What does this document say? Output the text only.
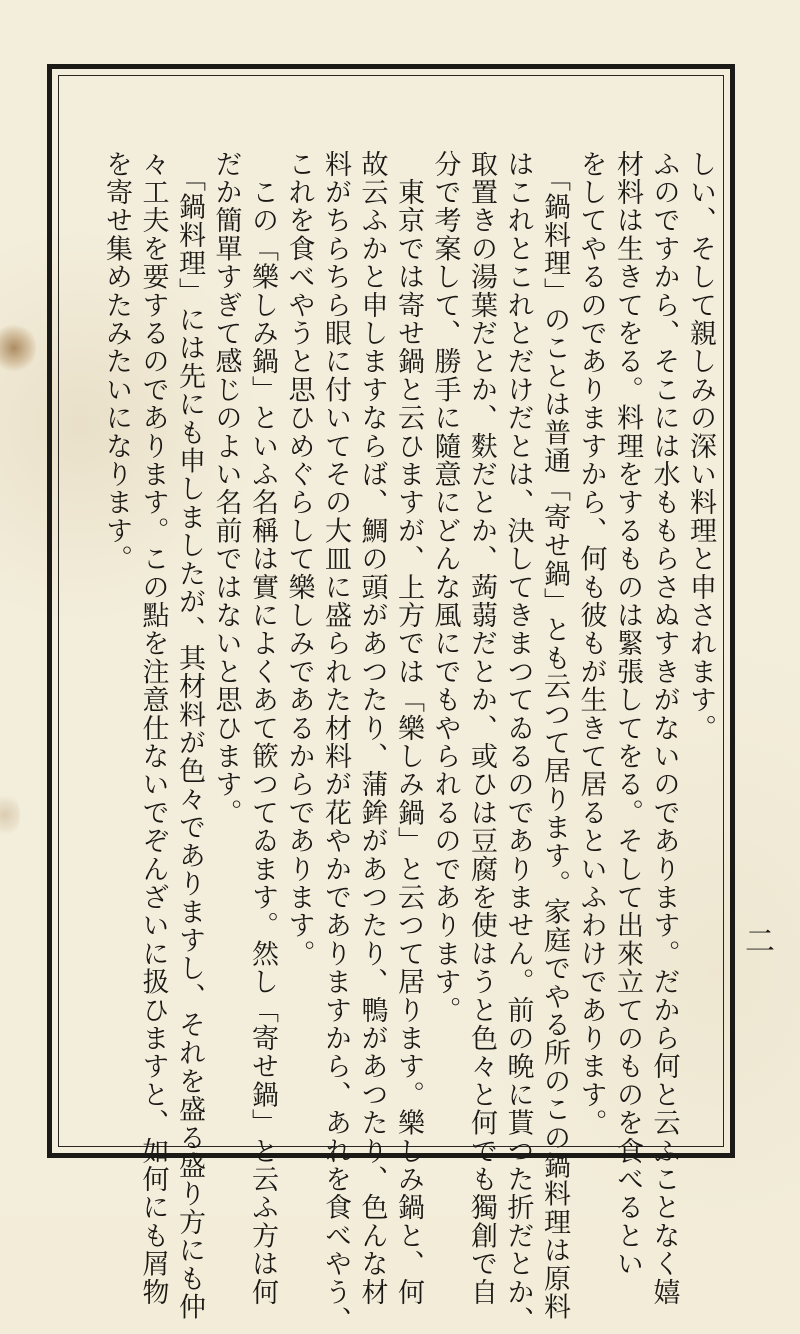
しい、そして親しみの深い料理と申されます。

ふのですから、そこには水ももらさぬすきがないのであります。だから何と云ふことなく嬉

材料は生きてをる。料理をするものは緊張してをる。そして出來立てのものを食べるとい

をしてやるのでありますから、何も彼もが生きて居るといふわけであります。

　「鍋料理」のことは普通「寄せ鍋」とも云つて居ります。家庭でやる所のこの鍋料理は原料

はこれとこれとだけだとは、決してきまつてゐるのでありません。前の晩に貰つた折だとか、

取置きの湯葉だとか、麩だとか、蒟蒻だとか、或ひは豆腐を使はうと色々と何でも獨創で自

分で考案して、勝手に隨意にどんな風にでもやられるのであります。

　東京では寄せ鍋と云ひますが、上方では「樂しみ鍋」と云つて居ります。樂しみ鍋と、何

故云ふかと申しますならば、鯛の頭があつたり、蒲鉾があつたり、鴨があつたり、色んな材

料がちらちら眼に付いてその大皿に盛られた材料が花やかでありますから、あれを食べやう、

これを食べやうと思ひめぐらして樂しみであるからであります。

　この「樂しみ鍋」といふ名稱は實によくあて篏つてゐます。然し「寄せ鍋」と云ふ方は何

だか簡單すぎて感じのよい名前ではないと思ひます。

　「鍋料理」には先にも申しましたが、其材料が色々でありますし、それを盛る盛り方にも仲

々工夫を要するのであります。この點を注意仕ないでぞんざいに扱ひますと、如何にも屑物

を寄せ集めたみたいになります。

二
